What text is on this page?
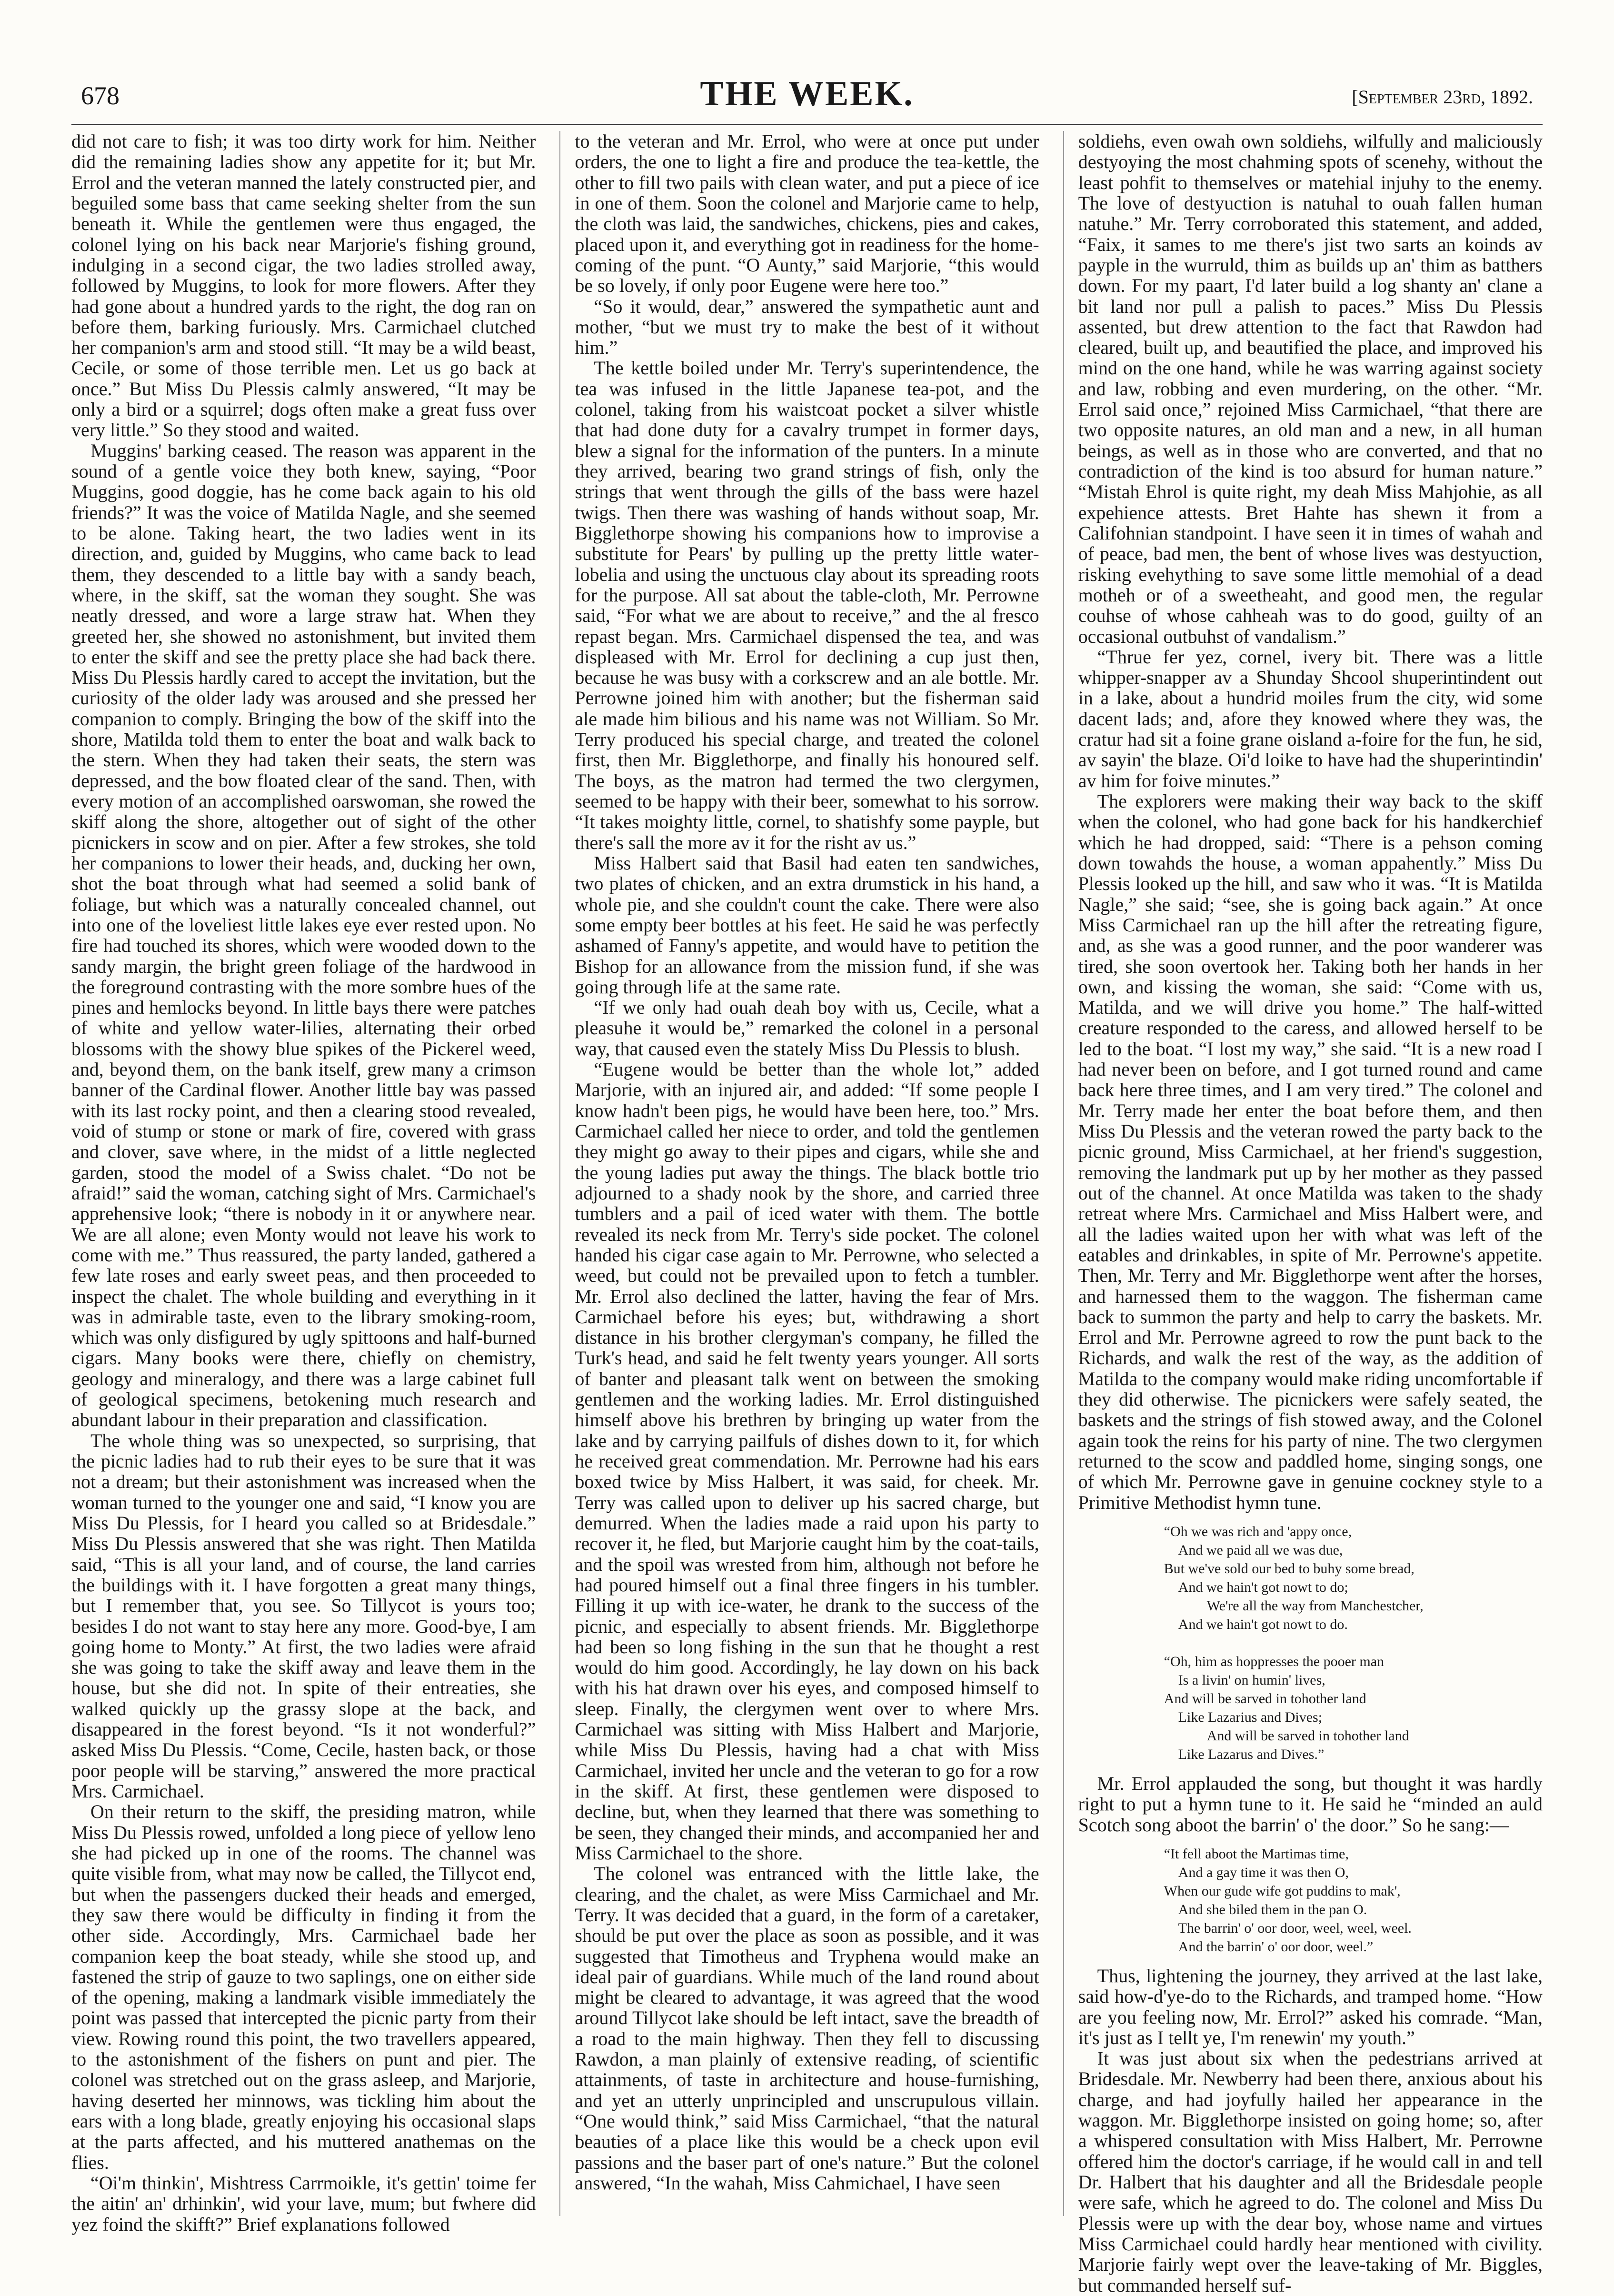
678	THE WEEK.	[September 23rd, 1892.

did not care to fish; it was too dirty work for him. Neither did the remaining ladies show any appetite for it; but Mr. Errol and the veteran manned the lately constructed pier, and beguiled some bass that came seeking shelter from the sun beneath it. While the gentlemen were thus engaged, the colonel lying on his back near Marjorie's fishing ground, indulging in a second cigar, the two ladies strolled away, followed by Muggins, to look for more flowers. After they had gone about a hundred yards to the right, the dog ran on before them, barking furiously. Mrs. Carmichael clutched her companion's arm and stood still. “It may be a wild beast, Cecile, or some of those terrible men. Let us go back at once.” But Miss Du Plessis calmly answered, “It may be only a bird or a squirrel; dogs often make a great fuss over very little.” So they stood and waited.

Muggins' barking ceased. The reason was apparent in the sound of a gentle voice they both knew, saying, “Poor Muggins, good doggie, has he come back again to his old friends?” It was the voice of Matilda Nagle, and she seemed to be alone. Taking heart, the two ladies went in its direction, and, guided by Muggins, who came back to lead them, they descended to a little bay with a sandy beach, where, in the skiff, sat the woman they sought. She was neatly dressed, and wore a large straw hat. When they greeted her, she showed no astonishment, but invited them to enter the skiff and see the pretty place she had back there. Miss Du Plessis hardly cared to accept the invitation, but the curiosity of the older lady was aroused and she pressed her companion to comply. Bringing the bow of the skiff into the shore, Matilda told them to enter the boat and walk back to the stern. When they had taken their seats, the stern was depressed, and the bow floated clear of the sand. Then, with every motion of an accomplished oarswoman, she rowed the skiff along the shore, altogether out of sight of the other picnickers in scow and on pier. After a few strokes, she told her companions to lower their heads, and, ducking her own, shot the boat through what had seemed a solid bank of foliage, but which was a naturally concealed channel, out into one of the loveliest little lakes eye ever rested upon. No fire had touched its shores, which were wooded down to the sandy margin, the bright green foliage of the hardwood in the foreground contrasting with the more sombre hues of the pines and hemlocks beyond. In little bays there were patches of white and yellow water-lilies, alternating their orbed blossoms with the showy blue spikes of the Pickerel weed, and, beyond them, on the bank itself, grew many a crimson banner of the Cardinal flower. Another little bay was passed with its last rocky point, and then a clearing stood revealed, void of stump or stone or mark of fire, covered with grass and clover, save where, in the midst of a little neglected garden, stood the model of a Swiss chalet. “Do not be afraid!” said the woman, catching sight of Mrs. Carmichael's apprehensive look; “there is nobody in it or anywhere near. We are all alone; even Monty would not leave his work to come with me.” Thus reassured, the party landed, gathered a few late roses and early sweet peas, and then proceeded to inspect the chalet. The whole building and everything in it was in admirable taste, even to the library smoking-room, which was only disfigured by ugly spittoons and half-burned cigars. Many books were there, chiefly on chemistry, geology and mineralogy, and there was a large cabinet full of geological specimens, betokening much research and abundant labour in their preparation and classification.

The whole thing was so unexpected, so surprising, that the picnic ladies had to rub their eyes to be sure that it was not a dream; but their astonishment was increased when the woman turned to the younger one and said, “I know you are Miss Du Plessis, for I heard you called so at Bridesdale.” Miss Du Plessis answered that she was right. Then Matilda said, “This is all your land, and of course, the land carries the buildings with it. I have forgotten a great many things, but I remember that, you see. So Tillycot is yours too; besides I do not want to stay here any more. Good-bye, I am going home to Monty.” At first, the two ladies were afraid she was going to take the skiff away and leave them in the house, but she did not. In spite of their entreaties, she walked quickly up the grassy slope at the back, and disappeared in the forest beyond. “Is it not wonderful?” asked Miss Du Plessis. “Come, Cecile, hasten back, or those poor people will be starving,” answered the more practical Mrs. Carmichael.

On their return to the skiff, the presiding matron, while Miss Du Plessis rowed, unfolded a long piece of yellow leno she had picked up in one of the rooms. The channel was quite visible from, what may now be called, the Tillycot end, but when the passengers ducked their heads and emerged, they saw there would be difficulty in finding it from the other side. Accordingly, Mrs. Carmichael bade her companion keep the boat steady, while she stood up, and fastened the strip of gauze to two saplings, one on either side of the opening, making a landmark visible immediately the point was passed that intercepted the picnic party from their view. Rowing round this point, the two travellers appeared, to the astonishment of the fishers on punt and pier. The colonel was stretched out on the grass asleep, and Marjorie, having deserted her minnows, was tickling him about the ears with a long blade, greatly enjoying his occasional slaps at the parts affected, and his muttered anathemas on the flies.

“Oi'm thinkin', Mishtress Carrmoikle, it's gettin' toime fer the aitin' an' drhinkin', wid your lave, mum; but fwhere did yez foind the skifft?” Brief explanations followed

to the veteran and Mr. Errol, who were at once put under orders, the one to light a fire and produce the tea-kettle, the other to fill two pails with clean water, and put a piece of ice in one of them. Soon the colonel and Marjorie came to help, the cloth was laid, the sandwiches, chickens, pies and cakes, placed upon it, and everything got in readiness for the home-coming of the punt. “O Aunty,” said Marjorie, “this would be so lovely, if only poor Eugene were here too.”

“So it would, dear,” answered the sympathetic aunt and mother, “but we must try to make the best of it without him.”

The kettle boiled under Mr. Terry's superintendence, the tea was infused in the little Japanese tea-pot, and the colonel, taking from his waistcoat pocket a silver whistle that had done duty for a cavalry trumpet in former days, blew a signal for the information of the punters. In a minute they arrived, bearing two grand strings of fish, only the strings that went through the gills of the bass were hazel twigs. Then there was washing of hands without soap, Mr. Bigglethorpe showing his companions how to improvise a substitute for Pears' by pulling up the pretty little water-lobelia and using the unctuous clay about its spreading roots for the purpose. All sat about the table-cloth, Mr. Perrowne said, “For what we are about to receive,” and the al fresco repast began. Mrs. Carmichael dispensed the tea, and was displeased with Mr. Errol for declining a cup just then, because he was busy with a corkscrew and an ale bottle. Mr. Perrowne joined him with another; but the fisherman said ale made him bilious and his name was not William. So Mr. Terry produced his special charge, and treated the colonel first, then Mr. Bigglethorpe, and finally his honoured self. The boys, as the matron had termed the two clergymen, seemed to be happy with their beer, somewhat to his sorrow. “It takes moighty little, cornel, to shatishfy some payple, but there's sall the more av it for the risht av us.”

Miss Halbert said that Basil had eaten ten sandwiches, two plates of chicken, and an extra drumstick in his hand, a whole pie, and she couldn't count the cake. There were also some empty beer bottles at his feet. He said he was perfectly ashamed of Fanny's appetite, and would have to petition the Bishop for an allowance from the mission fund, if she was going through life at the same rate.

“If we only had ouah deah boy with us, Cecile, what a pleasuhe it would be,” remarked the colonel in a personal way, that caused even the stately Miss Du Plessis to blush.

“Eugene would be better than the whole lot,” added Marjorie, with an injured air, and added: “If some people I know hadn't been pigs, he would have been here, too.” Mrs. Carmichael called her niece to order, and told the gentlemen they might go away to their pipes and cigars, while she and the young ladies put away the things. The black bottle trio adjourned to a shady nook by the shore, and carried three tumblers and a pail of iced water with them. The bottle revealed its neck from Mr. Terry's side pocket. The colonel handed his cigar case again to Mr. Perrowne, who selected a weed, but could not be prevailed upon to fetch a tumbler. Mr. Errol also declined the latter, having the fear of Mrs. Carmichael before his eyes; but, withdrawing a short distance in his brother clergyman's company, he filled the Turk's head, and said he felt twenty years younger. All sorts of banter and pleasant talk went on between the smoking gentlemen and the working ladies. Mr. Errol distinguished himself above his brethren by bringing up water from the lake and by carrying pailfuls of dishes down to it, for which he received great commendation. Mr. Perrowne had his ears boxed twice by Miss Halbert, it was said, for cheek. Mr. Terry was called upon to deliver up his sacred charge, but demurred. When the ladies made a raid upon his party to recover it, he fled, but Marjorie caught him by the coat-tails, and the spoil was wrested from him, although not before he had poured himself out a final three fingers in his tumbler. Filling it up with ice-water, he drank to the success of the picnic, and especially to absent friends. Mr. Bigglethorpe had been so long fishing in the sun that he thought a rest would do him good. Accordingly, he lay down on his back with his hat drawn over his eyes, and composed himself to sleep. Finally, the clergymen went over to where Mrs. Carmichael was sitting with Miss Halbert and Marjorie, while Miss Du Plessis, having had a chat with Miss Carmichael, invited her uncle and the veteran to go for a row in the skiff. At first, these gentlemen were disposed to decline, but, when they learned that there was something to be seen, they changed their minds, and accompanied her and Miss Carmichael to the shore.

The colonel was entranced with the little lake, the clearing, and the chalet, as were Miss Carmichael and Mr. Terry. It was decided that a guard, in the form of a caretaker, should be put over the place as soon as possible, and it was suggested that Timotheus and Tryphena would make an ideal pair of guardians. While much of the land round about might be cleared to advantage, it was agreed that the wood around Tillycot lake should be left intact, save the breadth of a road to the main highway. Then they fell to discussing Rawdon, a man plainly of extensive reading, of scientific attainments, of taste in architecture and house-furnishing, and yet an utterly unprincipled and unscrupulous villain. “One would think,” said Miss Carmichael, “that the natural beauties of a place like this would be a check upon evil passions and the baser part of one's nature.” But the colonel answered, “In the wahah, Miss Cahmichael, I have seen

soldiehs, even owah own soldiehs, wilfully and maliciously destyoying the most chahming spots of scenehy, without the least pohfit to themselves or matehial injuhy to the enemy. The love of destyuction is natuhal to ouah fallen human natuhe.” Mr. Terry corroborated this statement, and added, “Faix, it sames to me there's jist two sarts an koinds av payple in the wurruld, thim as builds up an' thim as batthers down. For my paart, I'd later build a log shanty an' clane a bit land nor pull a palish to paces.” Miss Du Plessis assented, but drew attention to the fact that Rawdon had cleared, built up, and beautified the place, and improved his mind on the one hand, while he was warring against society and law, robbing and even murdering, on the other. “Mr. Errol said once,” rejoined Miss Carmichael, “that there are two opposite natures, an old man and a new, in all human beings, as well as in those who are converted, and that no contradiction of the kind is too absurd for human nature.” “Mistah Ehrol is quite right, my deah Miss Mahjohie, as all expehience attests. Bret Hahte has shewn it from a Califohnian standpoint. I have seen it in times of wahah and of peace, bad men, the bent of whose lives was destyuction, risking evehything to save some little memohial of a dead motheh or of a sweetheaht, and good men, the regular couhse of whose cahheah was to do good, guilty of an occasional outbuhst of vandalism.”

“Thrue fer yez, cornel, ivery bit. There was a little whipper-snapper av a Shunday Shcool shuperintindent out in a lake, about a hundrid moiles frum the city, wid some dacent lads; and, afore they knowed where they was, the cratur had sit a foine grane oisland a-foire for the fun, he sid, av sayin' the blaze. Oi'd loike to have had the shuperintindin' av him for foive minutes.”

The explorers were making their way back to the skiff when the colonel, who had gone back for his handkerchief which he had dropped, said: “There is a pehson coming down towahds the house, a woman appahently.” Miss Du Plessis looked up the hill, and saw who it was. “It is Matilda Nagle,” she said; “see, she is going back again.” At once Miss Carmichael ran up the hill after the retreating figure, and, as she was a good runner, and the poor wanderer was tired, she soon overtook her. Taking both her hands in her own, and kissing the woman, she said: “Come with us, Matilda, and we will drive you home.” The half-witted creature responded to the caress, and allowed herself to be led to the boat. “I lost my way,” she said. “It is a new road I had never been on before, and I got turned round and came back here three times, and I am very tired.” The colonel and Mr. Terry made her enter the boat before them, and then Miss Du Plessis and the veteran rowed the party back to the picnic ground, Miss Carmichael, at her friend's suggestion, removing the landmark put up by her mother as they passed out of the channel. At once Matilda was taken to the shady retreat where Mrs. Carmichael and Miss Halbert were, and all the ladies waited upon her with what was left of the eatables and drinkables, in spite of Mr. Perrowne's appetite. Then, Mr. Terry and Mr. Bigglethorpe went after the horses, and harnessed them to the waggon. The fisherman came back to summon the party and help to carry the baskets. Mr. Errol and Mr. Perrowne agreed to row the punt back to the Richards, and walk the rest of the way, as the addition of Matilda to the company would make riding uncomfortable if they did otherwise. The picnickers were safely seated, the baskets and the strings of fish stowed away, and the Colonel again took the reins for his party of nine. The two clergymen returned to the scow and paddled home, singing songs, one of which Mr. Perrowne gave in genuine cockney style to a Primitive Methodist hymn tune.

“Oh we was rich and 'appy once,
And we paid all we was due,
But we've sold our bed to buhy some bread,
And we hain't got nowt to do;
We're all the way from Manchestcher,
And we hain't got nowt to do.

“Oh, him as hoppresses the pooer man
Is a livin' on humin' lives,
And will be sarved in tohother land
Like Lazarius and Dives;
And will be sarved in tohother land
Like Lazarus and Dives.”

Mr. Errol applauded the song, but thought it was hardly right to put a hymn tune to it. He said he “minded an auld Scotch song aboot the barrin' o' the door.” So he sang:—

“It fell aboot the Martimas time,
And a gay time it was then O,
When our gude wife got puddins to mak',
And she biled them in the pan O.
The barrin' o' oor door, weel, weel, weel.
And the barrin' o' oor door, weel.”

Thus, lightening the journey, they arrived at the last lake, said how-d'ye-do to the Richards, and tramped home. “How are you feeling now, Mr. Errol?” asked his comrade. “Man, it's just as I tellt ye, I'm renewin' my youth.”

It was just about six when the pedestrians arrived at Bridesdale. Mr. Newberry had been there, anxious about his charge, and had joyfully hailed her appearance in the waggon. Mr. Bigglethorpe insisted on going home; so, after a whispered consultation with Miss Halbert, Mr. Perrowne offered him the doctor's carriage, if he would call in and tell Dr. Halbert that his daughter and all the Bridesdale people were safe, which he agreed to do. The colonel and Miss Du Plessis were up with the dear boy, whose name and virtues Miss Carmichael could hardly hear mentioned with civility. Marjorie fairly wept over the leave-taking of Mr. Biggles, but commanded herself suf-
